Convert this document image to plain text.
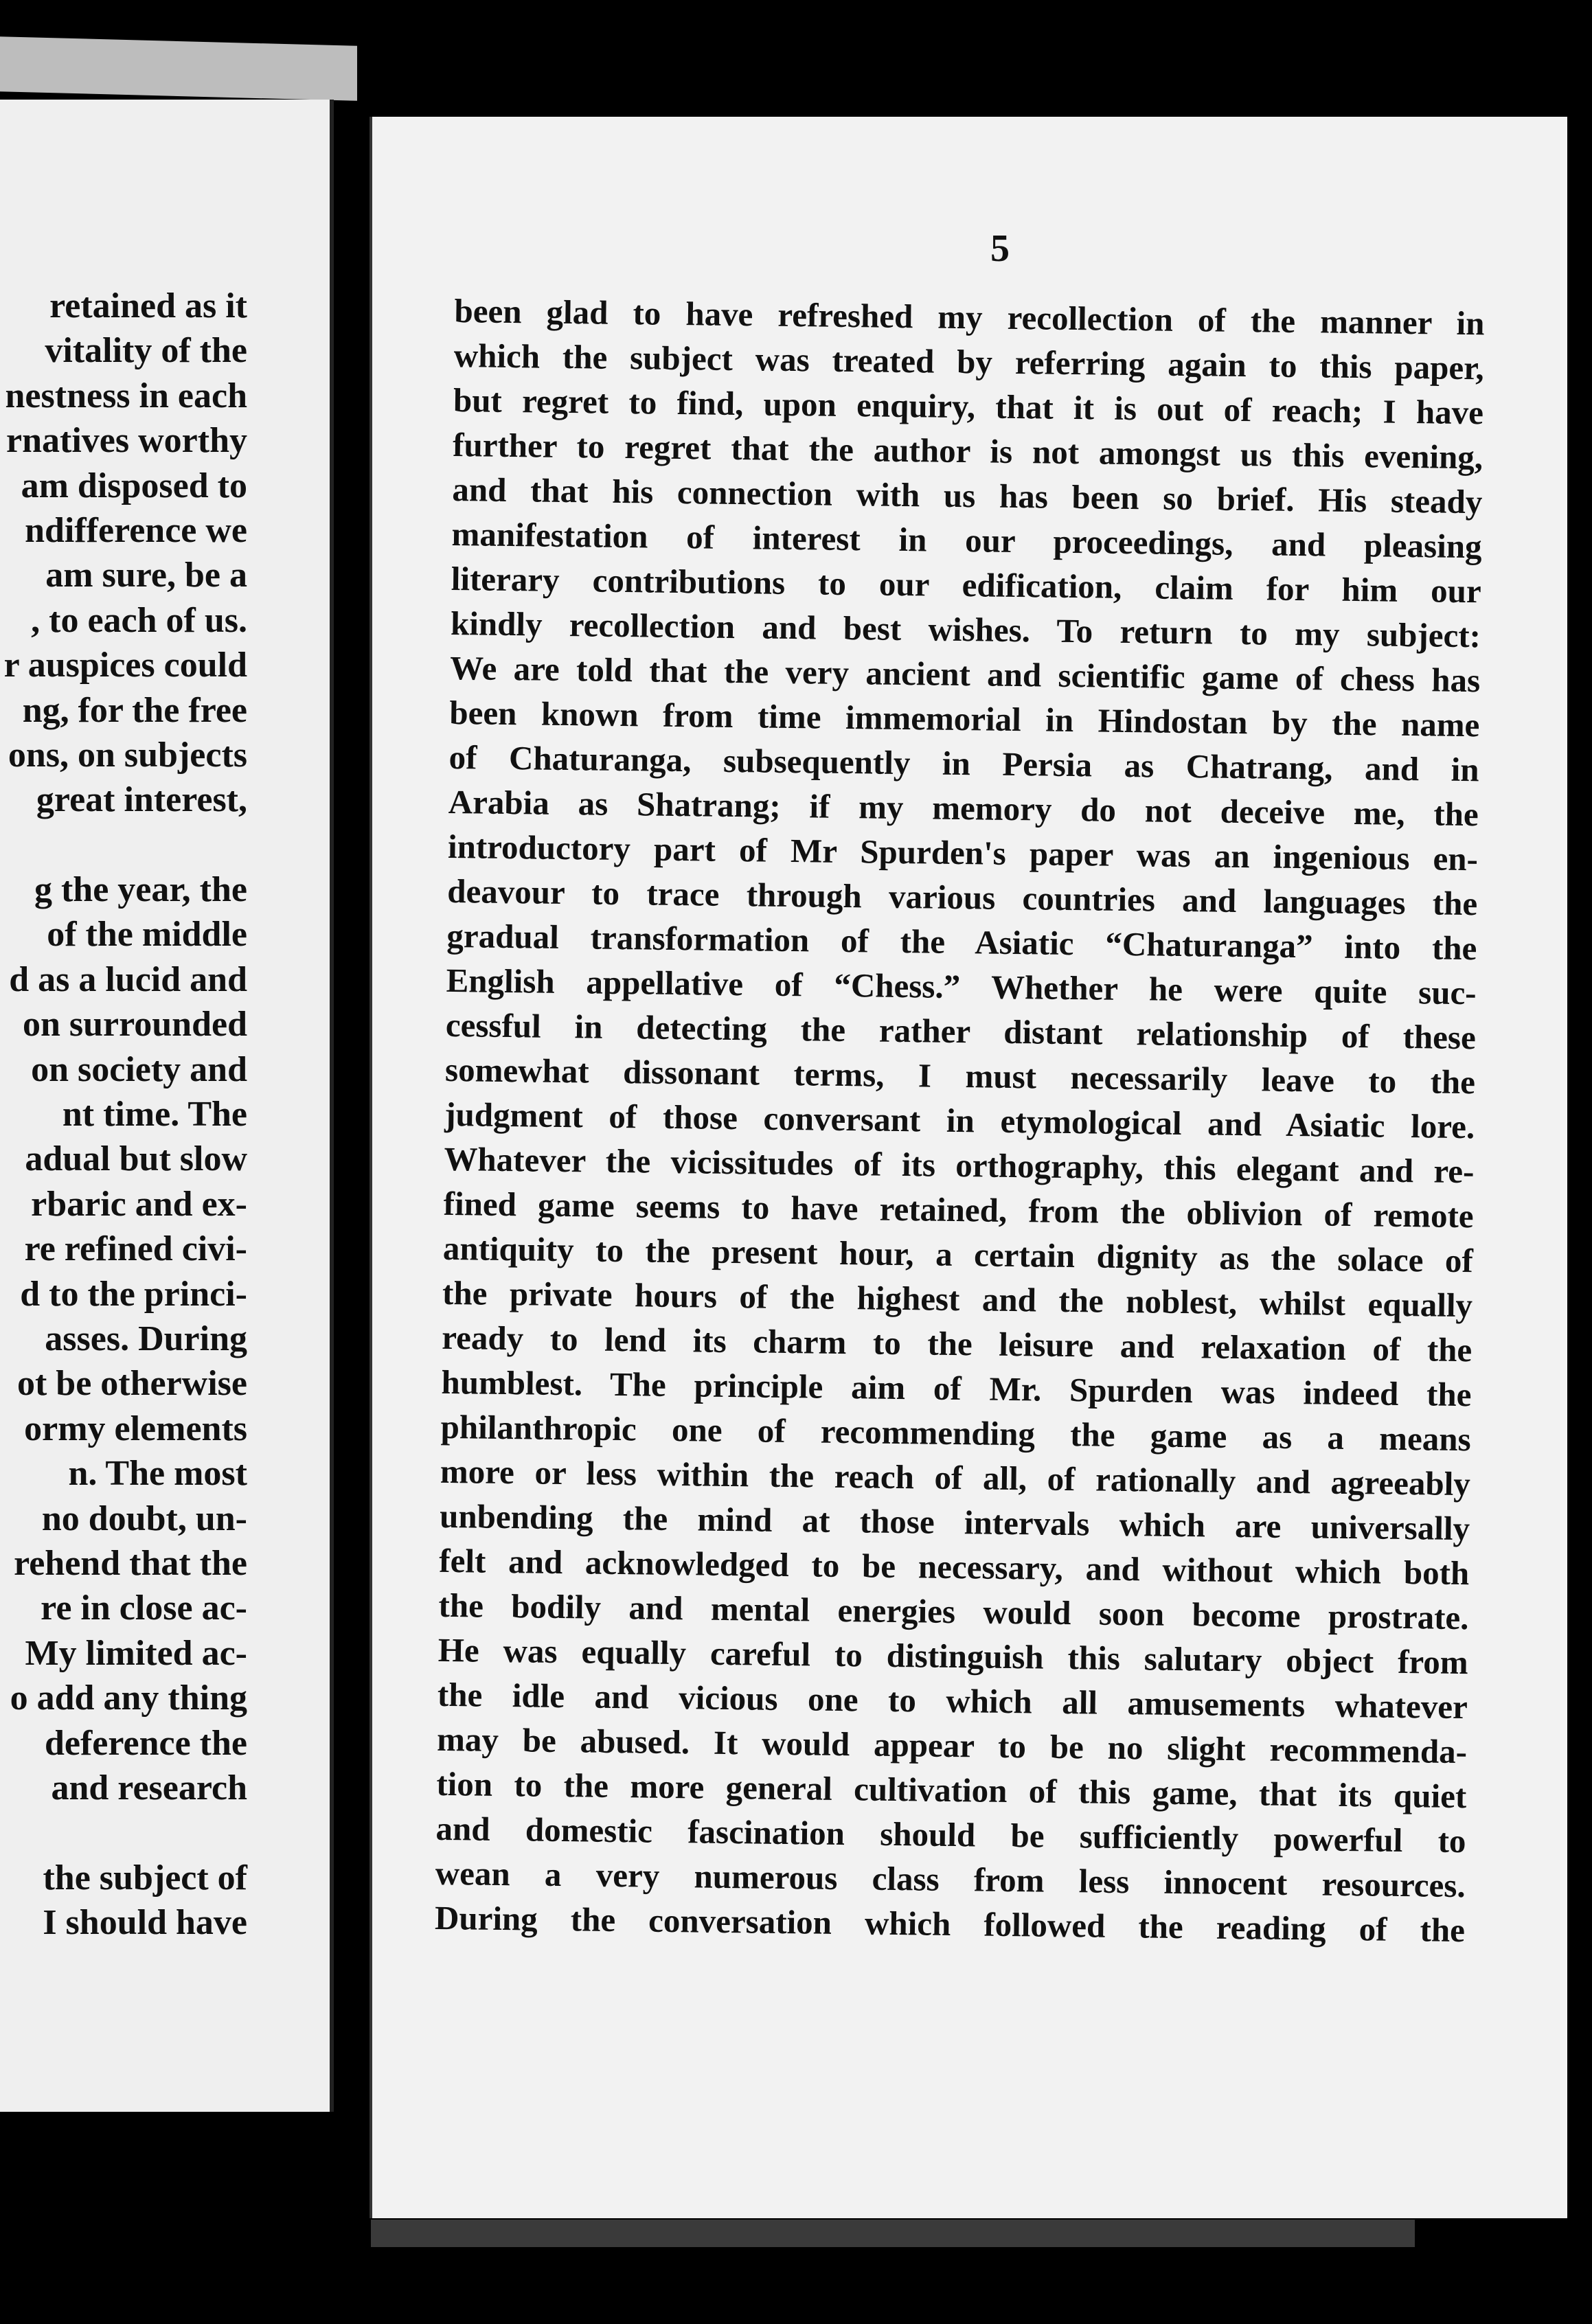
retained as it
vitality of the
nestness in each
rnatives worthy
am disposed to
ndifference we
am sure, be a
, to each of us.
r auspices could
ng, for the free
ons, on subjects
great interest,
g the year, the
of the middle
d as a lucid and
on surrounded
on society and
nt time. The
adual but slow
rbaric and ex-
re refined civi-
d to the princi-
asses. During
ot be otherwise
ormy elements
n. The most
no doubt, un-
rehend that the
re in close ac-
My limited ac-
o add any thing
deference the
and research
the subject of
I should have
5
been glad to have refreshed my recollection of the manner in
which the subject was treated by referring again to this paper,
but regret to find, upon enquiry, that it is out of reach; I have
further to regret that the author is not amongst us this evening,
and that his connection with us has been so brief. His steady
manifestation of interest in our proceedings, and pleasing
literary contributions to our edification, claim for him our
kindly recollection and best wishes. To return to my subject:
We are told that the very ancient and scientific game of chess has
been known from time immemorial in Hindostan by the name
of Chaturanga, subsequently in Persia as Chatrang, and in
Arabia as Shatrang; if my memory do not deceive me, the
introductory part of Mr Spurden's paper was an ingenious en-
deavour to trace through various countries and languages the
gradual transformation of the Asiatic “Chaturanga” into the
English appellative of “Chess.” Whether he were quite suc-
cessful in detecting the rather distant relationship of these
somewhat dissonant terms, I must necessarily leave to the
judgment of those conversant in etymological and Asiatic lore.
Whatever the vicissitudes of its orthography, this elegant and re-
fined game seems to have retained, from the oblivion of remote
antiquity to the present hour, a certain dignity as the solace of
the private hours of the highest and the noblest, whilst equally
ready to lend its charm to the leisure and relaxation of the
humblest. The principle aim of Mr. Spurden was indeed the
philanthropic one of recommending the game as a means
more or less within the reach of all, of rationally and agreeably
unbending the mind at those intervals which are universally
felt and acknowledged to be necessary, and without which both
the bodily and mental energies would soon become prostrate.
He was equally careful to distinguish this salutary object from
the idle and vicious one to which all amusements whatever
may be abused. It would appear to be no slight recommenda-
tion to the more general cultivation of this game, that its quiet
and domestic fascination should be sufficiently powerful to
wean a very numerous class from less innocent resources.
During the conversation which followed the reading of the
